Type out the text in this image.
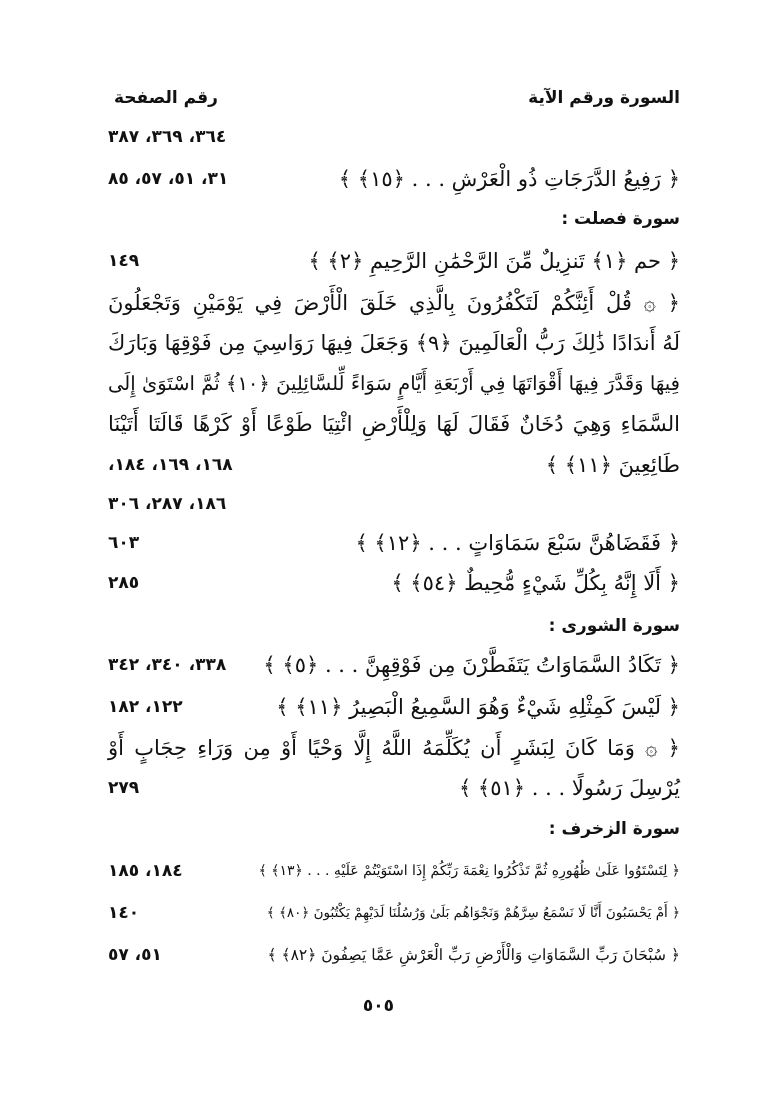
السورة ورقم الآية
رقم الصفحة
٣٦٤، ٣٦٩، ٣٨٧
﴿ رَفِيعُ الدَّرَجَاتِ ذُو الْعَرْشِ . . . ﴿١٥﴾ ﴾
٣١، ٥١، ٥٧، ٨٥
سورة فصلت :
﴿ حم ﴿١﴾ تَنزِيلٌ مِّنَ الرَّحْمَٰنِ الرَّحِيمِ ﴿٢﴾ ﴾
١٤٩
﴿ ۞ قُلْ أَئِنَّكُمْ لَتَكْفُرُونَ بِالَّذِي خَلَقَ الْأَرْضَ فِي يَوْمَيْنِ وَتَجْعَلُونَ
لَهُ أَندَادًا ذَٰلِكَ رَبُّ الْعَالَمِينَ ﴿٩﴾ وَجَعَلَ فِيهَا رَوَاسِيَ مِن فَوْقِهَا وَبَارَكَ
فِيهَا وَقَدَّرَ فِيهَا أَقْوَاتَهَا فِي أَرْبَعَةِ أَيَّامٍ سَوَاءً لِّلسَّائِلِينَ ﴿١٠﴾ ثُمَّ اسْتَوَىٰ إِلَى
السَّمَاءِ وَهِيَ دُخَانٌ فَقَالَ لَهَا وَلِلْأَرْضِ ائْتِيَا طَوْعًا أَوْ كَرْهًا قَالَتَا أَتَيْنَا
طَائِعِينَ ﴿١١﴾ ﴾
١٦٨، ١٦٩، ١٨٤،
١٨٦، ٢٨٧، ٣٠٦
﴿ فَقَضَاهُنَّ سَبْعَ سَمَاوَاتٍ . . . ﴿١٢﴾ ﴾
٦٠٣
﴿ أَلَا إِنَّهُ بِكُلِّ شَيْءٍ مُّحِيطٌ ﴿٥٤﴾ ﴾
٢٨٥
سورة الشورى :
﴿ تَكَادُ السَّمَاوَاتُ يَتَفَطَّرْنَ مِن فَوْقِهِنَّ . . . ﴿٥﴾ ﴾
٣٣٨، ٣٤٠، ٣٤٢
﴿ لَيْسَ كَمِثْلِهِ شَيْءٌ وَهُوَ السَّمِيعُ الْبَصِيرُ ﴿١١﴾ ﴾
١٢٢، ١٨٢
﴿ ۞ وَمَا كَانَ لِبَشَرٍ أَن يُكَلِّمَهُ اللَّهُ إِلَّا وَحْيًا أَوْ مِن وَرَاءِ حِجَابٍ أَوْ
يُرْسِلَ رَسُولًا . . . ﴿٥١﴾ ﴾
٢٧٩
سورة الزخرف :
﴿ لِتَسْتَوُوا عَلَىٰ ظُهُورِهِ ثُمَّ تَذْكُرُوا نِعْمَةَ رَبِّكُمْ إِذَا اسْتَوَيْتُمْ عَلَيْهِ . . . ﴿١٣﴾ ﴾
١٨٤، ١٨٥
﴿ أَمْ يَحْسَبُونَ أَنَّا لَا نَسْمَعُ سِرَّهُمْ وَنَجْوَاهُم بَلَىٰ وَرُسُلُنَا لَدَيْهِمْ يَكْتُبُونَ ﴿٨٠﴾ ﴾
١٤٠
﴿ سُبْحَانَ رَبِّ السَّمَاوَاتِ وَالْأَرْضِ رَبِّ الْعَرْشِ عَمَّا يَصِفُونَ ﴿٨٢﴾ ﴾
٥١، ٥٧
٥٠٥
